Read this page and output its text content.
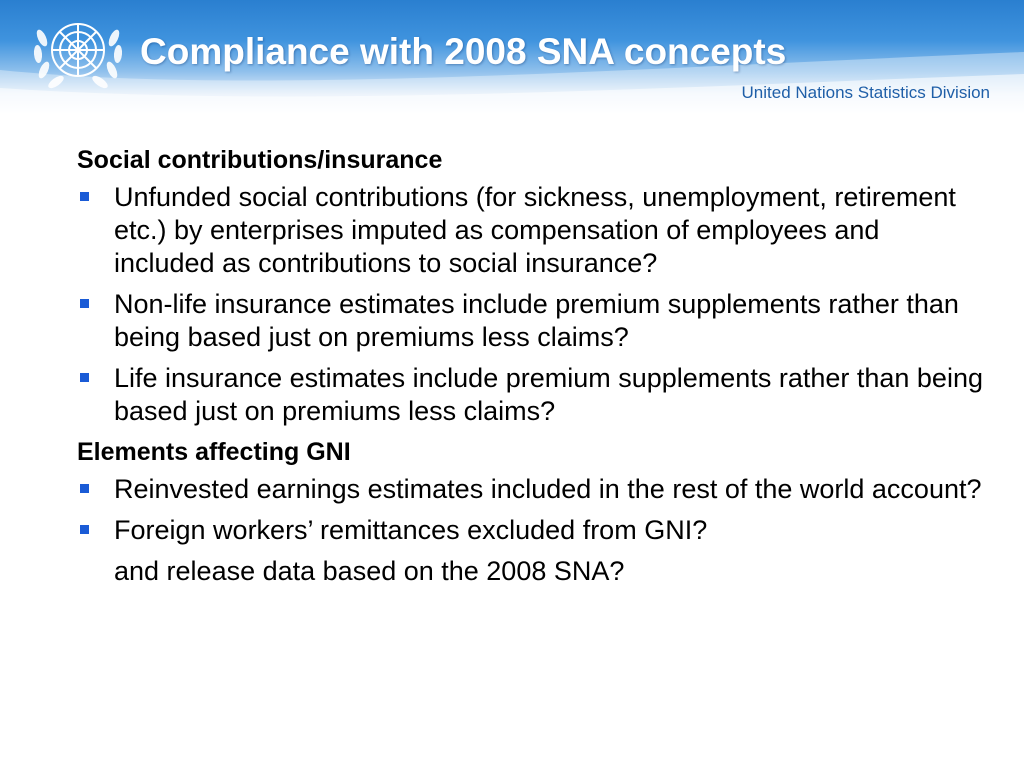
Compliance with 2008 SNA concepts
United Nations Statistics Division
Social contributions/insurance
Unfunded social contributions (for sickness, unemployment, retirement etc.) by enterprises imputed as compensation of employees and included as contributions to social insurance?
Non-life insurance estimates include premium supplements rather than being based just on premiums less claims?
Life insurance estimates include premium supplements rather than being based just on premiums less claims?
Elements affecting GNI
Reinvested earnings estimates included in the rest of the world account?
Foreign workers’ remittances excluded from GNI?
and release data based on the 2008 SNA?
